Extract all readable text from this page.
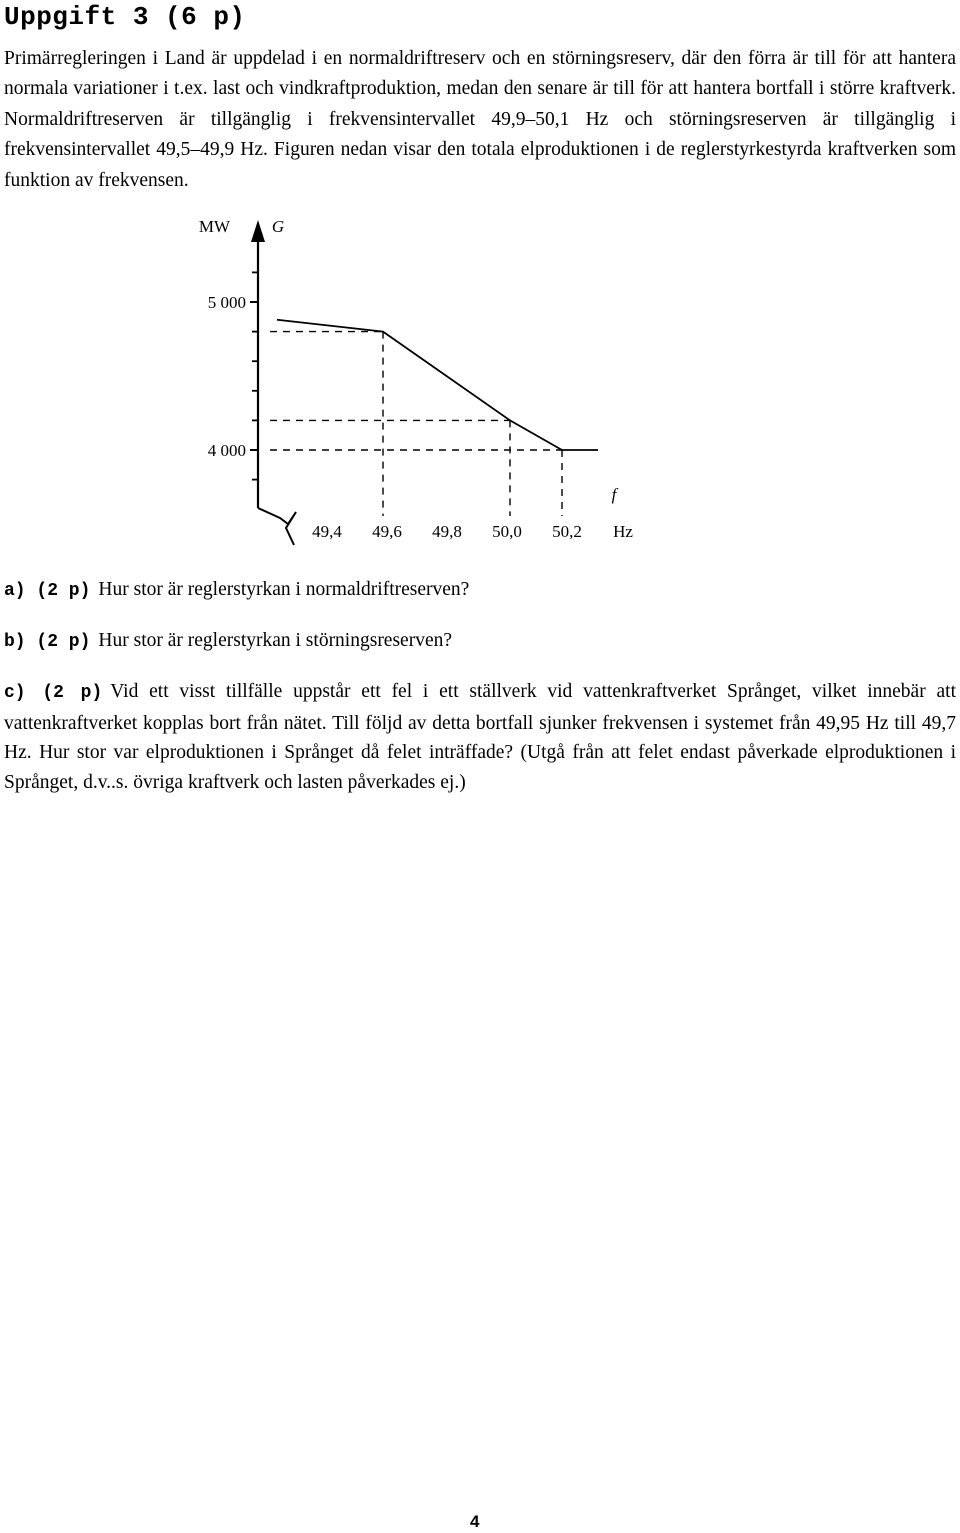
Uppgift 3 (6 p)

Primärregleringen i Land är uppdelad i en normaldriftreserv och en störningsreserv, där den förra är till för att hantera normala variationer i t.ex. last och vindkraftproduktion, medan den senare är till för att hantera bortfall i större kraftverk. Normaldriftreserven är tillgänglig i frekvensintervallet 49,9–50,1 Hz och störningsreserven är tillgänglig i frekvensintervallet 49,5–49,9 Hz. Figuren nedan visar den totala elproduktionen i de reglerstyrkestyrda kraftverken som funktion av frekvensen.

4 000
5 000
MW G
49,4 49,6 49,8 50,0 50,2 Hz
f

a) (2 p) Hur stor är reglerstyrkan i normaldriftreserven?

b) (2 p) Hur stor är reglerstyrkan i störningsreserven?

c) (2 p) Vid ett visst tillfälle uppstår ett fel i ett ställverk vid vattenkraftverket Språnget, vilket innebär att vattenkraftverket kopplas bort från nätet. Till följd av detta bortfall sjunker frekvensen i systemet från 49,95 Hz till 49,7 Hz. Hur stor var elproduktionen i Språnget då felet inträffade? (Utgå från att felet endast påverkade elproduktionen i Språnget, d.v..s. övriga kraftverk och lasten påverkades ej.)

4
